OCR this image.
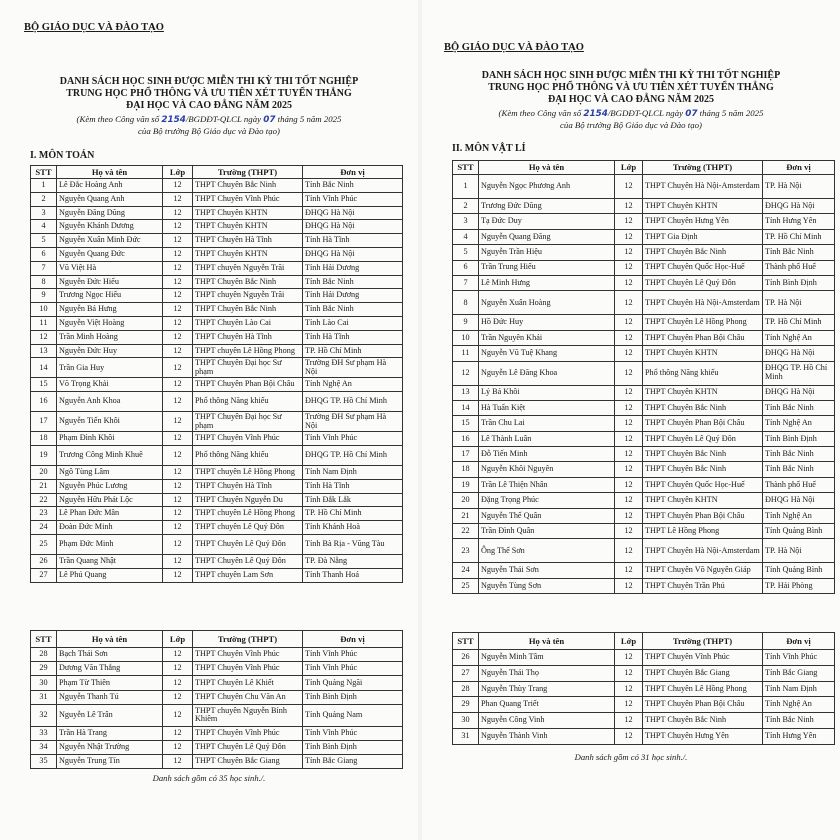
BỘ GIÁO DỤC VÀ ĐÀO TẠO
DANH SÁCH HỌC SINH ĐƯỢC MIỄN THI KỲ THI TỐT NGHIỆP
TRUNG HỌC PHỔ THÔNG VÀ ƯU TIÊN XÉT TUYỂN THẲNG
ĐẠI HỌC VÀ CAO ĐẲNG NĂM 2025
(Kèm theo Công văn số 2154/BGDĐT-QLCL ngày 07 tháng 5 năm 2025
của Bộ trưởng Bộ Giáo dục và Đào tạo)
I. MÔN TOÁN
STT	Họ và tên	Lớp	Trường (THPT)	Đơn vị
1	Lê Đắc Hoàng Anh	12	THPT Chuyên Bắc Ninh	Tỉnh Bắc Ninh
2	Nguyễn Quang Anh	12	THPT Chuyên Vĩnh Phúc	Tỉnh Vĩnh Phúc
3	Nguyễn Đăng Dũng	12	THPT Chuyên KHTN	ĐHQG Hà Nội
4	Nguyễn Khánh Dương	12	THPT Chuyên KHTN	ĐHQG Hà Nội
5	Nguyễn Xuân Minh Đức	12	THPT Chuyên Hà Tĩnh	Tỉnh Hà Tĩnh
6	Nguyễn Quang Đức	12	THPT Chuyên KHTN	ĐHQG Hà Nội
7	Vũ Việt Hà	12	THPT chuyên Nguyễn Trãi	Tỉnh Hải Dương
8	Nguyễn Đức Hiếu	12	THPT Chuyên Bắc Ninh	Tỉnh Bắc Ninh
9	Trương Ngọc Hiếu	12	THPT chuyên Nguyễn Trãi	Tỉnh Hải Dương
10	Nguyễn Bá Hưng	12	THPT Chuyên Bắc Ninh	Tỉnh Bắc Ninh
11	Nguyễn Việt Hoàng	12	THPT Chuyên Lào Cai	Tỉnh Lào Cai
12	Trần Minh Hoàng	12	THPT Chuyên Hà Tĩnh	Tỉnh Hà Tĩnh
13	Nguyễn Đức Huy	12	THPT chuyên Lê Hồng Phong	TP. Hồ Chí Minh
14	Trần Gia Huy	12	THPT Chuyên Đại học Sư phạm	Trường ĐH Sư phạm Hà Nội
15	Võ Trọng Khải	12	THPT Chuyên Phan Bội Châu	Tỉnh Nghệ An
16	Nguyễn Anh Khoa	12	Phổ thông Năng khiếu	ĐHQG TP. Hồ Chí Minh
17	Nguyễn Tiến Khôi	12	THPT Chuyên Đại học Sư phạm	Trường ĐH Sư phạm Hà Nội
18	Phạm Đình Khôi	12	THPT Chuyên Vĩnh Phúc	Tỉnh Vĩnh Phúc
19	Trương Công Minh Khuê	12	Phổ thông Năng khiếu	ĐHQG TP. Hồ Chí Minh
20	Ngô Tùng Lâm	12	THPT chuyên Lê Hồng Phong	Tỉnh Nam Định
21	Nguyễn Phúc Lương	12	THPT Chuyên Hà Tĩnh	Tỉnh Hà Tĩnh
22	Nguyễn Hữu Phát Lộc	12	THPT Chuyên Nguyễn Du	Tỉnh Đắk Lắk
23	Lê Phan Đức Mân	12	THPT chuyên Lê Hồng Phong	TP. Hồ Chí Minh
24	Đoàn Đức Minh	12	THPT chuyên Lê Quý Đôn	Tỉnh Khánh Hoà
25	Phạm Đức Minh	12	THPT Chuyên Lê Quý Đôn	Tỉnh Bà Rịa - Vũng Tàu
26	Trần Quang Nhật	12	THPT Chuyên Lê Quý Đôn	TP. Đà Nẵng
27	Lê Phú Quang	12	THPT chuyên Lam Sơn	Tỉnh Thanh Hoá
STT	Họ và tên	Lớp	Trường (THPT)	Đơn vị
28	Bạch Thái Sơn	12	THPT Chuyên Vĩnh Phúc	Tỉnh Vĩnh Phúc
29	Dương Văn Thắng	12	THPT Chuyên Vĩnh Phúc	Tỉnh Vĩnh Phúc
30	Phạm Từ Thiên	12	THPT Chuyên Lê Khiết	Tỉnh Quảng Ngãi
31	Nguyễn Thanh Tú	12	THPT Chuyên Chu Văn An	Tỉnh Bình Định
32	Nguyễn Lê Trân	12	THPT chuyên Nguyễn Bỉnh Khiêm	Tỉnh Quảng Nam
33	Trần Hà Trang	12	THPT Chuyên Vĩnh Phúc	Tỉnh Vĩnh Phúc
34	Nguyễn Nhật Trường	12	THPT Chuyên Lê Quý Đôn	Tỉnh Bình Định
35	Nguyễn Trung Tín	12	THPT Chuyên Bắc Giang	Tỉnh Bắc Giang
Danh sách gồm có 35 học sinh./.
BỘ GIÁO DỤC VÀ ĐÀO TẠO
DANH SÁCH HỌC SINH ĐƯỢC MIỄN THI KỲ THI TỐT NGHIỆP
TRUNG HỌC PHỔ THÔNG VÀ ƯU TIÊN XÉT TUYỂN THẲNG
ĐẠI HỌC VÀ CAO ĐẲNG NĂM 2025
(Kèm theo Công văn số 2154/BGDĐT-QLCL ngày 07 tháng 5 năm 2025
của Bộ trưởng Bộ Giáo dục và Đào tạo)
II. MÔN VẬT LÍ
STT	Họ và tên	Lớp	Trường (THPT)	Đơn vị
1	Nguyễn Ngọc Phương Anh	12	THPT Chuyên Hà Nội-Amsterdam	TP. Hà Nội
2	Trương Đức Dũng	12	THPT Chuyên KHTN	ĐHQG Hà Nội
3	Tạ Đức Duy	12	THPT Chuyên Hưng Yên	Tỉnh Hưng Yên
4	Nguyễn Quang Đăng	12	THPT Gia Định	TP. Hồ Chí Minh
5	Nguyễn Trần Hiệu	12	THPT Chuyên Bắc Ninh	Tỉnh Bắc Ninh
6	Trần Trung Hiếu	12	THPT Chuyên Quốc Học-Huế	Thành phố Huế
7	Lê Minh Hưng	12	THPT Chuyên Lê Quý Đôn	Tỉnh Bình Định
8	Nguyễn Xuân Hoàng	12	THPT Chuyên Hà Nội-Amsterdam	TP. Hà Nội
9	Hồ Đức Huy	12	THPT Chuyên Lê Hồng Phong	TP. Hồ Chí Minh
10	Trần Nguyên Khải	12	THPT Chuyên Phan Bội Châu	Tỉnh Nghệ An
11	Nguyễn Vũ Tuệ Khang	12	THPT Chuyên KHTN	ĐHQG Hà Nội
12	Nguyễn Lê Đăng Khoa	12	Phổ thông Năng khiếu	ĐHQG TP. Hồ Chí Minh
13	Lý Bá Khôi	12	THPT Chuyên KHTN	ĐHQG Hà Nội
14	Hà Tuấn Kiệt	12	THPT Chuyên Bắc Ninh	Tỉnh Bắc Ninh
15	Trần Chu Lai	12	THPT Chuyên Phan Bội Châu	Tỉnh Nghệ An
16	Lê Thành Luân	12	THPT Chuyên Lê Quý Đôn	Tỉnh Bình Định
17	Đỗ Tiến Minh	12	THPT Chuyên Bắc Ninh	Tỉnh Bắc Ninh
18	Nguyễn Khôi Nguyên	12	THPT Chuyên Bắc Ninh	Tỉnh Bắc Ninh
19	Trần Lê Thiện Nhân	12	THPT Chuyên Quốc Học-Huế	Thành phố Huế
20	Đặng Trọng Phúc	12	THPT Chuyên KHTN	ĐHQG Hà Nội
21	Nguyễn Thế Quân	12	THPT Chuyên Phan Bội Châu	Tỉnh Nghệ An
22	Trần Đình Quân	12	THPT Lê Hồng Phong	Tỉnh Quảng Bình
23	Ông Thế Sơn	12	THPT Chuyên Hà Nội-Amsterdam	TP. Hà Nội
24	Nguyễn Thái Sơn	12	THPT Chuyên Võ Nguyên Giáp	Tỉnh Quảng Bình
25	Nguyễn Tùng Sơn	12	THPT Chuyên Trần Phú	TP. Hải Phòng
STT	Họ và tên	Lớp	Trường (THPT)	Đơn vị
26	Nguyễn Minh Tâm	12	THPT Chuyên Vĩnh Phúc	Tỉnh Vĩnh Phúc
27	Nguyễn Thái Thọ	12	THPT Chuyên Bắc Giang	Tỉnh Bắc Giang
28	Nguyễn Thùy Trang	12	THPT Chuyên Lê Hồng Phong	Tỉnh Nam Định
29	Phan Quang Triết	12	THPT Chuyên Phan Bội Châu	Tỉnh Nghệ An
30	Nguyễn Công Vinh	12	THPT Chuyên Bắc Ninh	Tỉnh Bắc Ninh
31	Nguyễn Thành Vinh	12	THPT Chuyên Hưng Yên	Tỉnh Hưng Yên
Danh sách gồm có 31 học sinh./.
